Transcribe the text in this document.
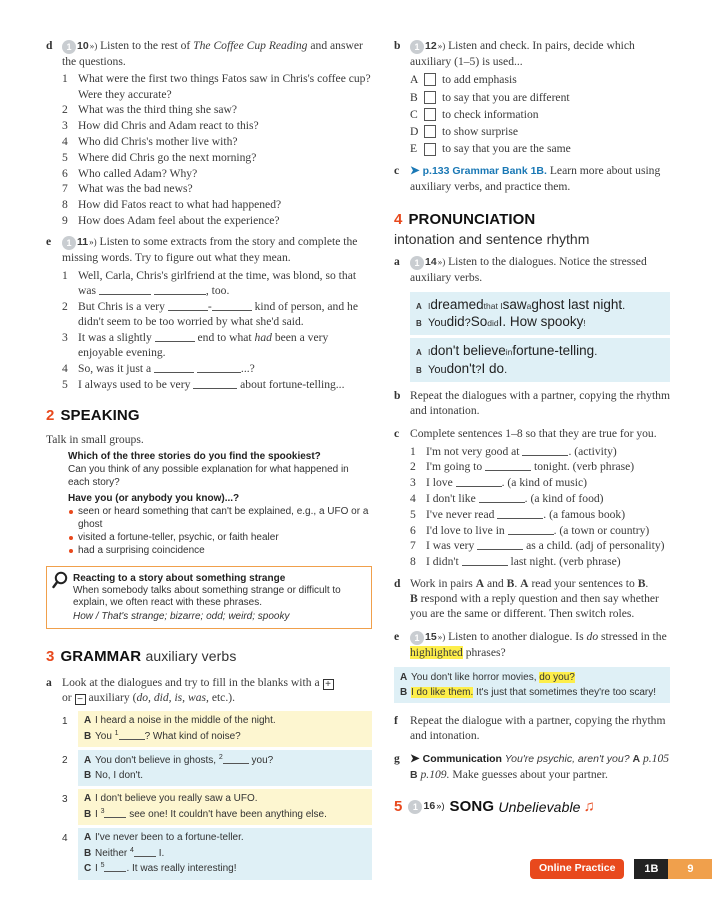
d	1 10 ») Listen to the rest of The Coffee Cup Reading and answer the questions.
1 What were the first two things Fatos saw in Chris's coffee cup? Were they accurate?
2 What was the third thing she saw?
3 How did Chris and Adam react to this?
4 Who did Chris's mother live with?
5 Where did Chris go the next morning?
6 Who called Adam? Why?
7 What was the bad news?
8 How did Fatos react to what had happened?
9 How does Adam feel about the experience?
e	1 11 ») Listen to some extracts from the story and complete the missing words. Try to figure out what they mean.
1 Well, Carla, Chris's girlfriend at the time, was blond, so that was	, too.
2 But Chris is a very	-	kind of person, and he didn't seem to be too worried by what she'd said.
3 It was a slightly	end to what had been a very enjoyable evening.
4 So, was it just a	...?
5 I always used to be very	about fortune-telling...
2 SPEAKING
Talk in small groups.
Which of the three stories do you find the spookiest?
Can you think of any possible explanation for what happened in each story?
Have you (or anybody you know)...?
seen or heard something that can't be explained, e.g., a UFO or a ghost
visited a fortune-teller, psychic, or faith healer
had a surprising coincidence
Reacting to a story about something strange
When somebody talks about something strange or difficult to explain, we often react with these phrases.
How / That's strange; bizarre; odd; weird; spooky
3 GRAMMAR auxiliary verbs
a Look at the dialogues and try to fill in the blanks with a +
or − auxiliary (do, did, is, was, etc.).
1	A I heard a noise in the middle of the night.
B You $^1$	? What kind of noise?
2	A You don't believe in ghosts, $^2$	you?
B No, I don't.
3	A I don't believe you really saw a UFO.
B I $^3$ see one! It couldn't have been anything else.
4	A I've never been to a fortune-teller.
B Neither $^4$ I.
C I $^5$ . It was really interesting!
b	1 12 ») Listen and check. In pairs, decide which auxiliary (1–5) is used...
A	to add emphasis
B	to say that you are different
C	to check information
D	to show surprise
E	to say that you are the same
c ➤ p.133 Grammar Bank 1B. Learn more about using auxiliary verbs, and practice them.
4 PRONUNCIATION
intonation and sentence rhythm
a	1 14 ») Listen to the dialogues. Notice the stressed auxiliary verbs.
A I dreamed that I saw a ghost last night .
B You did ? So did I. How spooky !
A I don't believe in fortune-telling .
B You don't ? I do .
b Repeat the dialogues with a partner, copying the rhythm and intonation.
c Complete sentences 1–8 so that they are true for you.
1 I'm not very good at	. (activity)
2 I'm going to	tonight. (verb phrase)
3 I love	. (a kind of music)
4 I don't like	. (a kind of food)
5 I've never read	. (a famous book)
6 I'd love to live in	. (a town or country)
7 I was very	as a child. (adj of personality)
8 I didn't	last night. (verb phrase)
d Work in pairs A and B. A read your sentences to B.
B respond with a reply question and then say whether you are the same or different. Then switch roles.
e	1 15 ») Listen to another dialogue. Is do stressed in the highlighted phrases?
A You don't like horror movies, do you?
B I do like them. It's just that sometimes they're too scary!
f Repeat the dialogue with a partner, copying the rhythm and intonation.
g ➤ Communication You're psychic, aren't you? A p.105 B p.109. Make guesses about your partner.
5	1 16 ») SONG
Unbelievable ♫
Online Practice	1B	9
